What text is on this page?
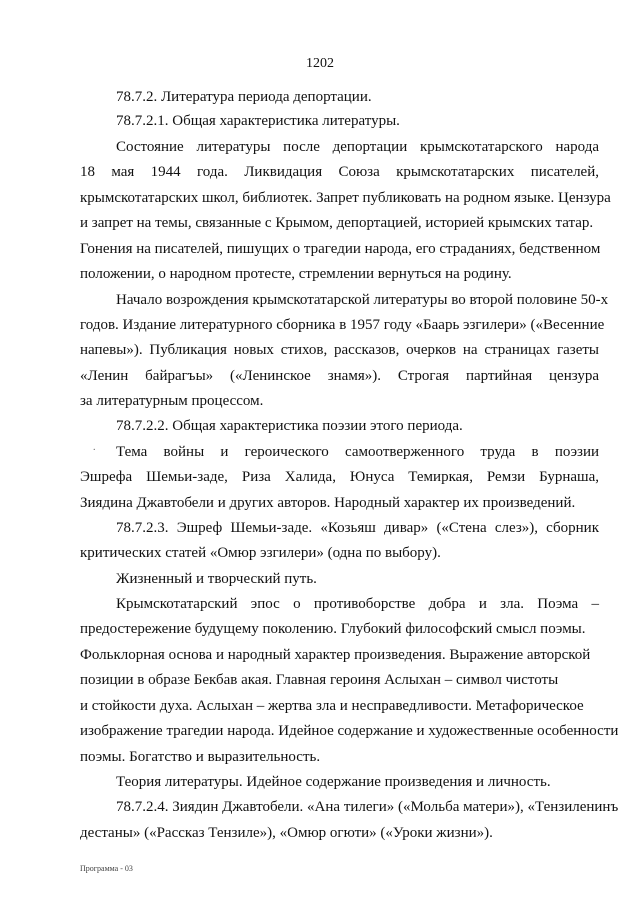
1202
78.7.2. Литература периода депортации.
78.7.2.1. Общая характеристика литературы.
Состояние литературы после депортации крымскотатарского народа
18 мая 1944 года. Ликвидация Союза крымскотатарских писателей,
крымскотатарских школ, библиотек. Запрет публиковать на родном языке. Цензура
и запрет на темы, связанные с Крымом, депортацией, историей крымских татар.
Гонения на писателей, пишущих о трагедии народа, его страданиях, бедственном
положении, о народном протесте, стремлении вернуться на родину.
Начало возрождения крымскотатарской литературы во второй половине 50-х
годов. Издание литературного сборника в 1957 году «Баарь эзгилери» («Весенние
напевы»). Публикация новых стихов, рассказов, очерков на страницах газеты
«Ленин байрагъы» («Ленинское знамя»). Строгая партийная цензура
за литературным процессом.
78.7.2.2. Общая характеристика поэзии этого периода.
. Тема войны и героического самоотверженного труда в поэзии
Эшрефа Шемьи-заде, Риза Халида, Юнуса Темиркая, Ремзи Бурнаша,
Зиядина Джавтобели и других авторов. Народный характер их произведений.
78.7.2.3. Эшреф Шемьи-заде. «Козьяш дивар» («Стена слез»), сборник
критических статей «Омюр эзгилери» (одна по выбору).
Жизненный и творческий путь.
Крымскотатарский эпос о противоборстве добра и зла. Поэма –
предостережение будущему поколению. Глубокий философский смысл поэмы.
Фольклорная основа и народный характер произведения. Выражение авторской
позиции в образе Бекбав акая. Главная героиня Аслыхан – символ чистоты
и стойкости духа. Аслыхан – жертва зла и несправедливости. Метафорическое
изображение трагедии народа. Идейное содержание и художественные особенности
поэмы. Богатство и выразительность.
Теория литературы. Идейное содержание произведения и личность.
78.7.2.4. Зиядин Джавтобели. «Ана тилеги» («Мольба матери»), «Тензиленинъ
дестаны» («Рассказ Тензиле»), «Омюр огюти» («Уроки жизни»).
Программа - 03
